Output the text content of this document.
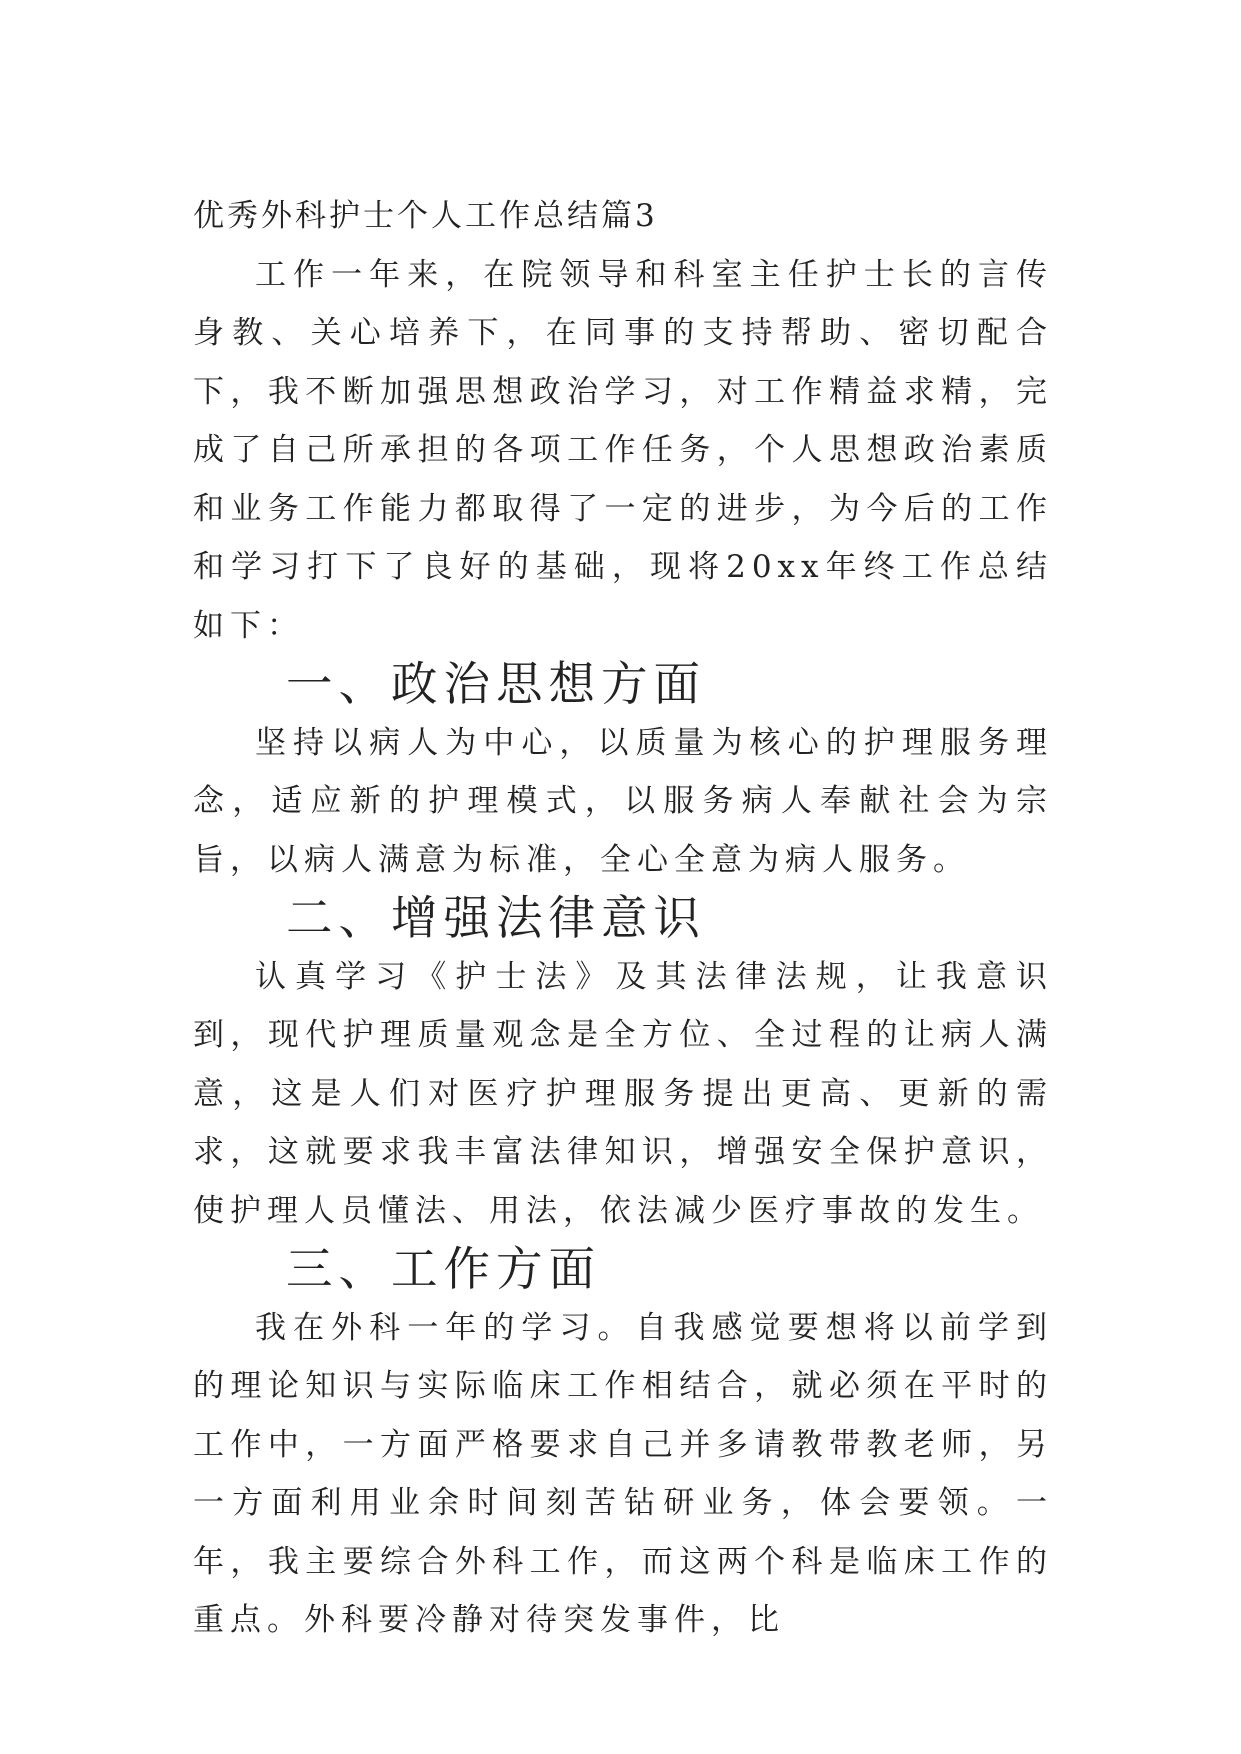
优秀外科护士个人工作总结篇3

工作一年来，在院领导和科室主任护士长的言传身教、关心培养下，在同事的支持帮助、密切配合下，我不断加强思想政治学习，对工作精益求精，完成了自己所承担的各项工作任务，个人思想政治素质和业务工作能力都取得了一定的进步，为今后的工作和学习打下了良好的基础，现将20xx年终工作总结如下：

一、政治思想方面

坚持以病人为中心，以质量为核心的护理服务理念，适应新的护理模式，以服务病人奉献社会为宗旨，以病人满意为标准，全心全意为病人服务。

二、增强法律意识

认真学习《护士法》及其法律法规，让我意识到，现代护理质量观念是全方位、全过程的让病人满意，这是人们对医疗护理服务提出更高、更新的需求，这就要求我丰富法律知识，增强安全保护意识，使护理人员懂法、用法，依法减少医疗事故的发生。

三、工作方面

我在外科一年的学习。自我感觉要想将以前学到的理论知识与实际临床工作相结合，就必须在平时的工作中，一方面严格要求自己并多请教带教老师，另一方面利用业余时间刻苦钻研业务，体会要领。一年，我主要综合外科工作，而这两个科是临床工作的重点。外科要冷静对待突发事件，比
